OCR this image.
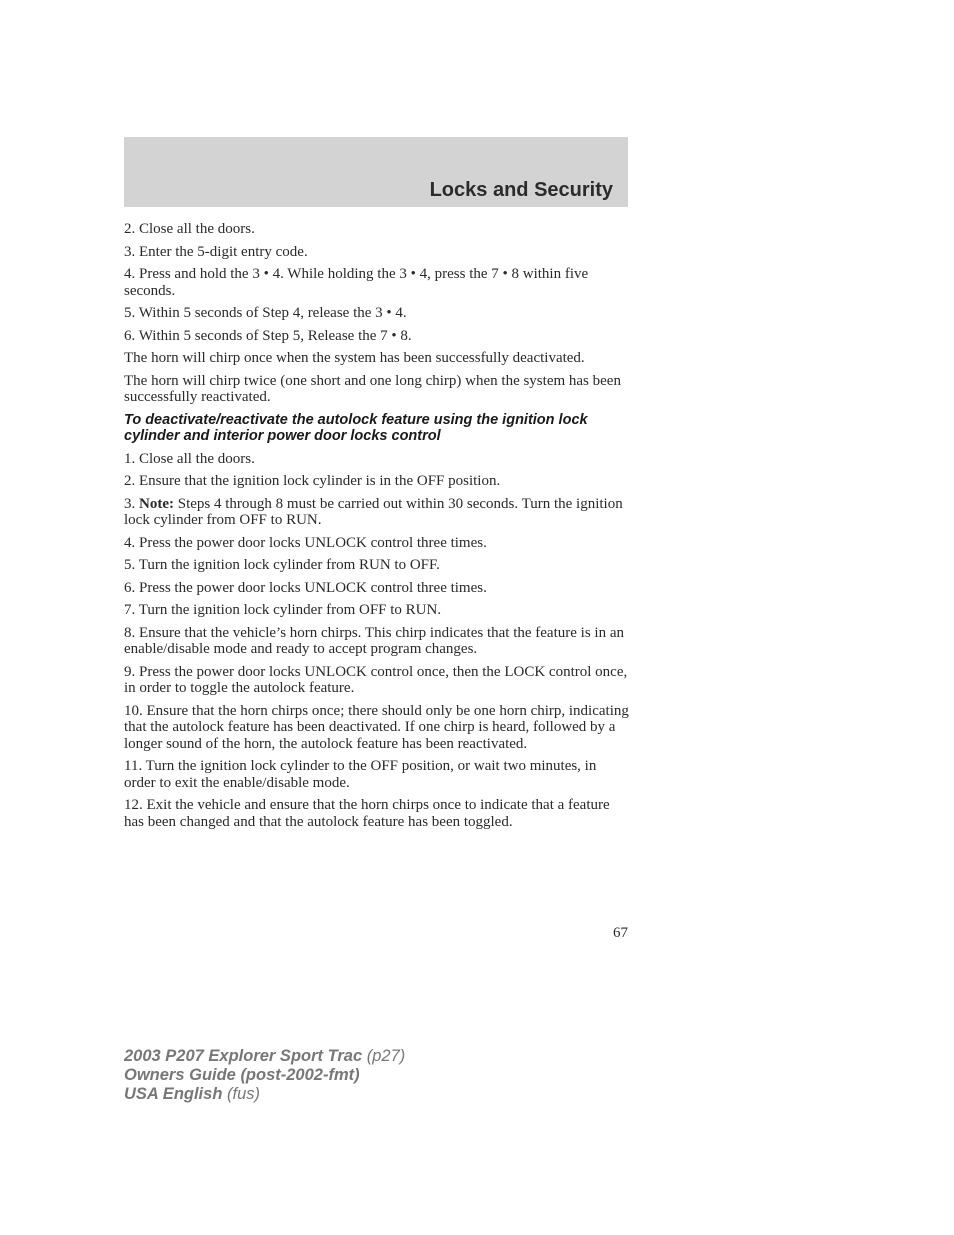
Locks and Security

2. Close all the doors.

3. Enter the 5-digit entry code.

4. Press and hold the 3 • 4. While holding the 3 • 4, press the 7 • 8 within five seconds.

5. Within 5 seconds of Step 4, release the 3 • 4.

6. Within 5 seconds of Step 5, Release the 7 • 8.

The horn will chirp once when the system has been successfully deactivated.

The horn will chirp twice (one short and one long chirp) when the system has been successfully reactivated.

To deactivate/reactivate the autolock feature using the ignition lock cylinder and interior power door locks control

1. Close all the doors.

2. Ensure that the ignition lock cylinder is in the OFF position.

3. Note: Steps 4 through 8 must be carried out within 30 seconds. Turn the ignition lock cylinder from OFF to RUN.

4. Press the power door locks UNLOCK control three times.

5. Turn the ignition lock cylinder from RUN to OFF.

6. Press the power door locks UNLOCK control three times.

7. Turn the ignition lock cylinder from OFF to RUN.

8. Ensure that the vehicle’s horn chirps. This chirp indicates that the feature is in an enable/disable mode and ready to accept program changes.

9. Press the power door locks UNLOCK control once, then the LOCK control once, in order to toggle the autolock feature.

10. Ensure that the horn chirps once; there should only be one horn chirp, indicating that the autolock feature has been deactivated. If one chirp is heard, followed by a longer sound of the horn, the autolock feature has been reactivated.

11. Turn the ignition lock cylinder to the OFF position, or wait two minutes, in order to exit the enable/disable mode.

12. Exit the vehicle and ensure that the horn chirps once to indicate that a feature has been changed and that the autolock feature has been toggled.

67
2003 P207 Explorer Sport Trac (p27)
Owners Guide (post-2002-fmt)
USA English (fus)
